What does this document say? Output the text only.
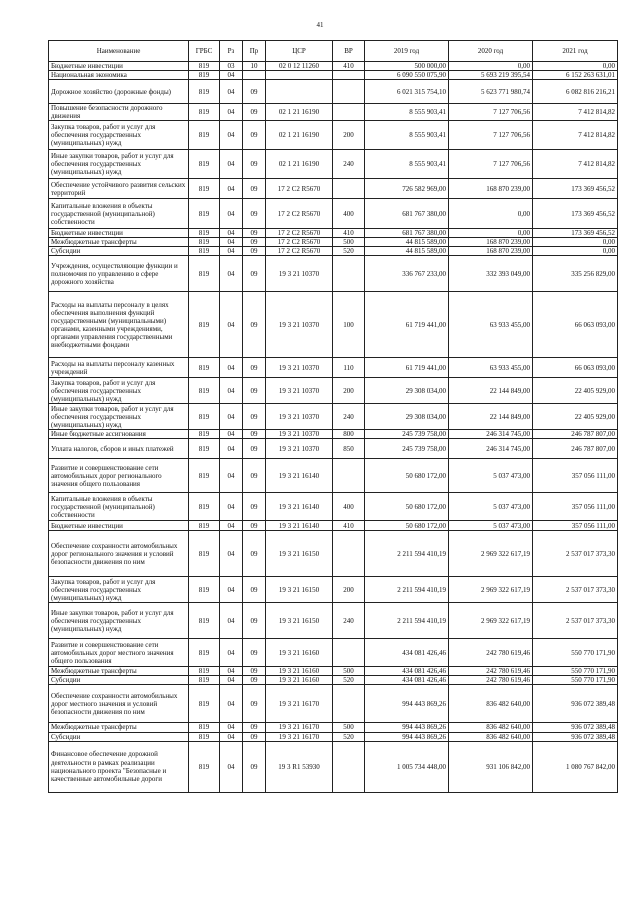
41
Наименование	ГРБС	Рз	Пр	ЦСР	ВР	2019 год	2020 год	2021 год
Бюджетные инвестиции	819	03	10	02 0 12 11260	410	500 000,00	0,00	0,00
Национальная экономика	819	04				6 090 550 075,90	5 693 219 395,54	6 152 263 631,01
Дорожное хозяйство (дорожные фонды)	819	04	09			6 021 315 754,10	5 623 771 980,74	6 082 816 216,21
Повышение безопасности дорожного движения	819	04	09	02 1 21 16190		8 555 903,41	7 127 706,56	7 412 814,82
Закупка товаров, работ и услуг для обеспечения государственных (муниципальных) нужд	819	04	09	02 1 21 16190	200	8 555 903,41	7 127 706,56	7 412 814,82
Иные закупки товаров, работ и услуг для обеспечения государственных (муниципальных) нужд	819	04	09	02 1 21 16190	240	8 555 903,41	7 127 706,56	7 412 814,82
Обеспечение устойчивого развития сельских территорий	819	04	09	17 2 C2 R5670		726 582 969,00	168 870 239,00	173 369 456,52
Капитальные вложения в объекты государственной (муниципальной) собственности	819	04	09	17 2 C2 R5670	400	681 767 380,00	0,00	173 369 456,52
Бюджетные инвестиции	819	04	09	17 2 C2 R5670	410	681 767 380,00	0,00	173 369 456,52
Межбюджетные трансферты	819	04	09	17 2 C2 R5670	500	44 815 589,00	168 870 239,00	0,00
Субсидии	819	04	09	17 2 C2 R5670	520	44 815 589,00	168 870 239,00	0,00
Учреждения, осуществляющие функции и полномочия по управлению в сфере дорожного хозяйства	819	04	09	19 3 21 10370		336 767 233,00	332 393 049,00	335 256 829,00
Расходы на выплаты персоналу в целях обеспечения выполнения функций государственными (муниципальными) органами, казенными учреждениями, органами управления государственными внебюджетными фондами	819	04	09	19 3 21 10370	100	61 719 441,00	63 933 455,00	66 063 093,00
Расходы на выплаты персоналу казенных учреждений	819	04	09	19 3 21 10370	110	61 719 441,00	63 933 455,00	66 063 093,00
Закупка товаров, работ и услуг для обеспечения государственных (муниципальных) нужд	819	04	09	19 3 21 10370	200	29 308 034,00	22 144 849,00	22 405 929,00
Иные закупки товаров, работ и услуг для обеспечения государственных (муниципальных) нужд	819	04	09	19 3 21 10370	240	29 308 034,00	22 144 849,00	22 405 929,00
Иные бюджетные ассигнования	819	04	09	19 3 21 10370	800	245 739 758,00	246 314 745,00	246 787 807,00
Уплата налогов, сборов и иных платежей	819	04	09	19 3 21 10370	850	245 739 758,00	246 314 745,00	246 787 807,00
Развитие и совершенствование сети автомобильных дорог регионального значения общего пользования	819	04	09	19 3 21 16140		50 680 172,00	5 037 473,00	357 056 111,00
Капитальные вложения в объекты государственной (муниципальной) собственности	819	04	09	19 3 21 16140	400	50 680 172,00	5 037 473,00	357 056 111,00
Бюджетные инвестиции	819	04	09	19 3 21 16140	410	50 680 172,00	5 037 473,00	357 056 111,00
Обеспечение сохранности автомобильных дорог регионального значения и условий безопасности движения по ним	819	04	09	19 3 21 16150		2 211 594 410,19	2 969 322 617,19	2 537 017 373,30
Закупка товаров, работ и услуг для обеспечения государственных (муниципальных) нужд	819	04	09	19 3 21 16150	200	2 211 594 410,19	2 969 322 617,19	2 537 017 373,30
Иные закупки товаров, работ и услуг для обеспечения государственных (муниципальных) нужд	819	04	09	19 3 21 16150	240	2 211 594 410,19	2 969 322 617,19	2 537 017 373,30
Развитие и совершенствование сети автомобильных дорог местного значения общего пользования	819	04	09	19 3 21 16160		434 081 426,46	242 780 619,46	550 770 171,90
Межбюджетные трансферты	819	04	09	19 3 21 16160	500	434 081 426,46	242 780 619,46	550 770 171,90
Субсидии	819	04	09	19 3 21 16160	520	434 081 426,46	242 780 619,46	550 770 171,90
Обеспечение сохранности автомобильных дорог местного значения и условий безопасности движения по ним	819	04	09	19 3 21 16170		994 443 869,26	836 482 640,00	936 072 389,48
Межбюджетные трансферты	819	04	09	19 3 21 16170	500	994 443 869,26	836 482 640,00	936 072 389,48
Субсидии	819	04	09	19 3 21 16170	520	994 443 869,26	836 482 640,00	936 072 389,48
Финансовое обеспечение дорожной деятельности в рамках реализации национального проекта "Безопасные и качественные автомобильные дороги	819	04	09	19 3 R1 53930		1 005 734 448,00	931 106 842,00	1 080 767 842,00
